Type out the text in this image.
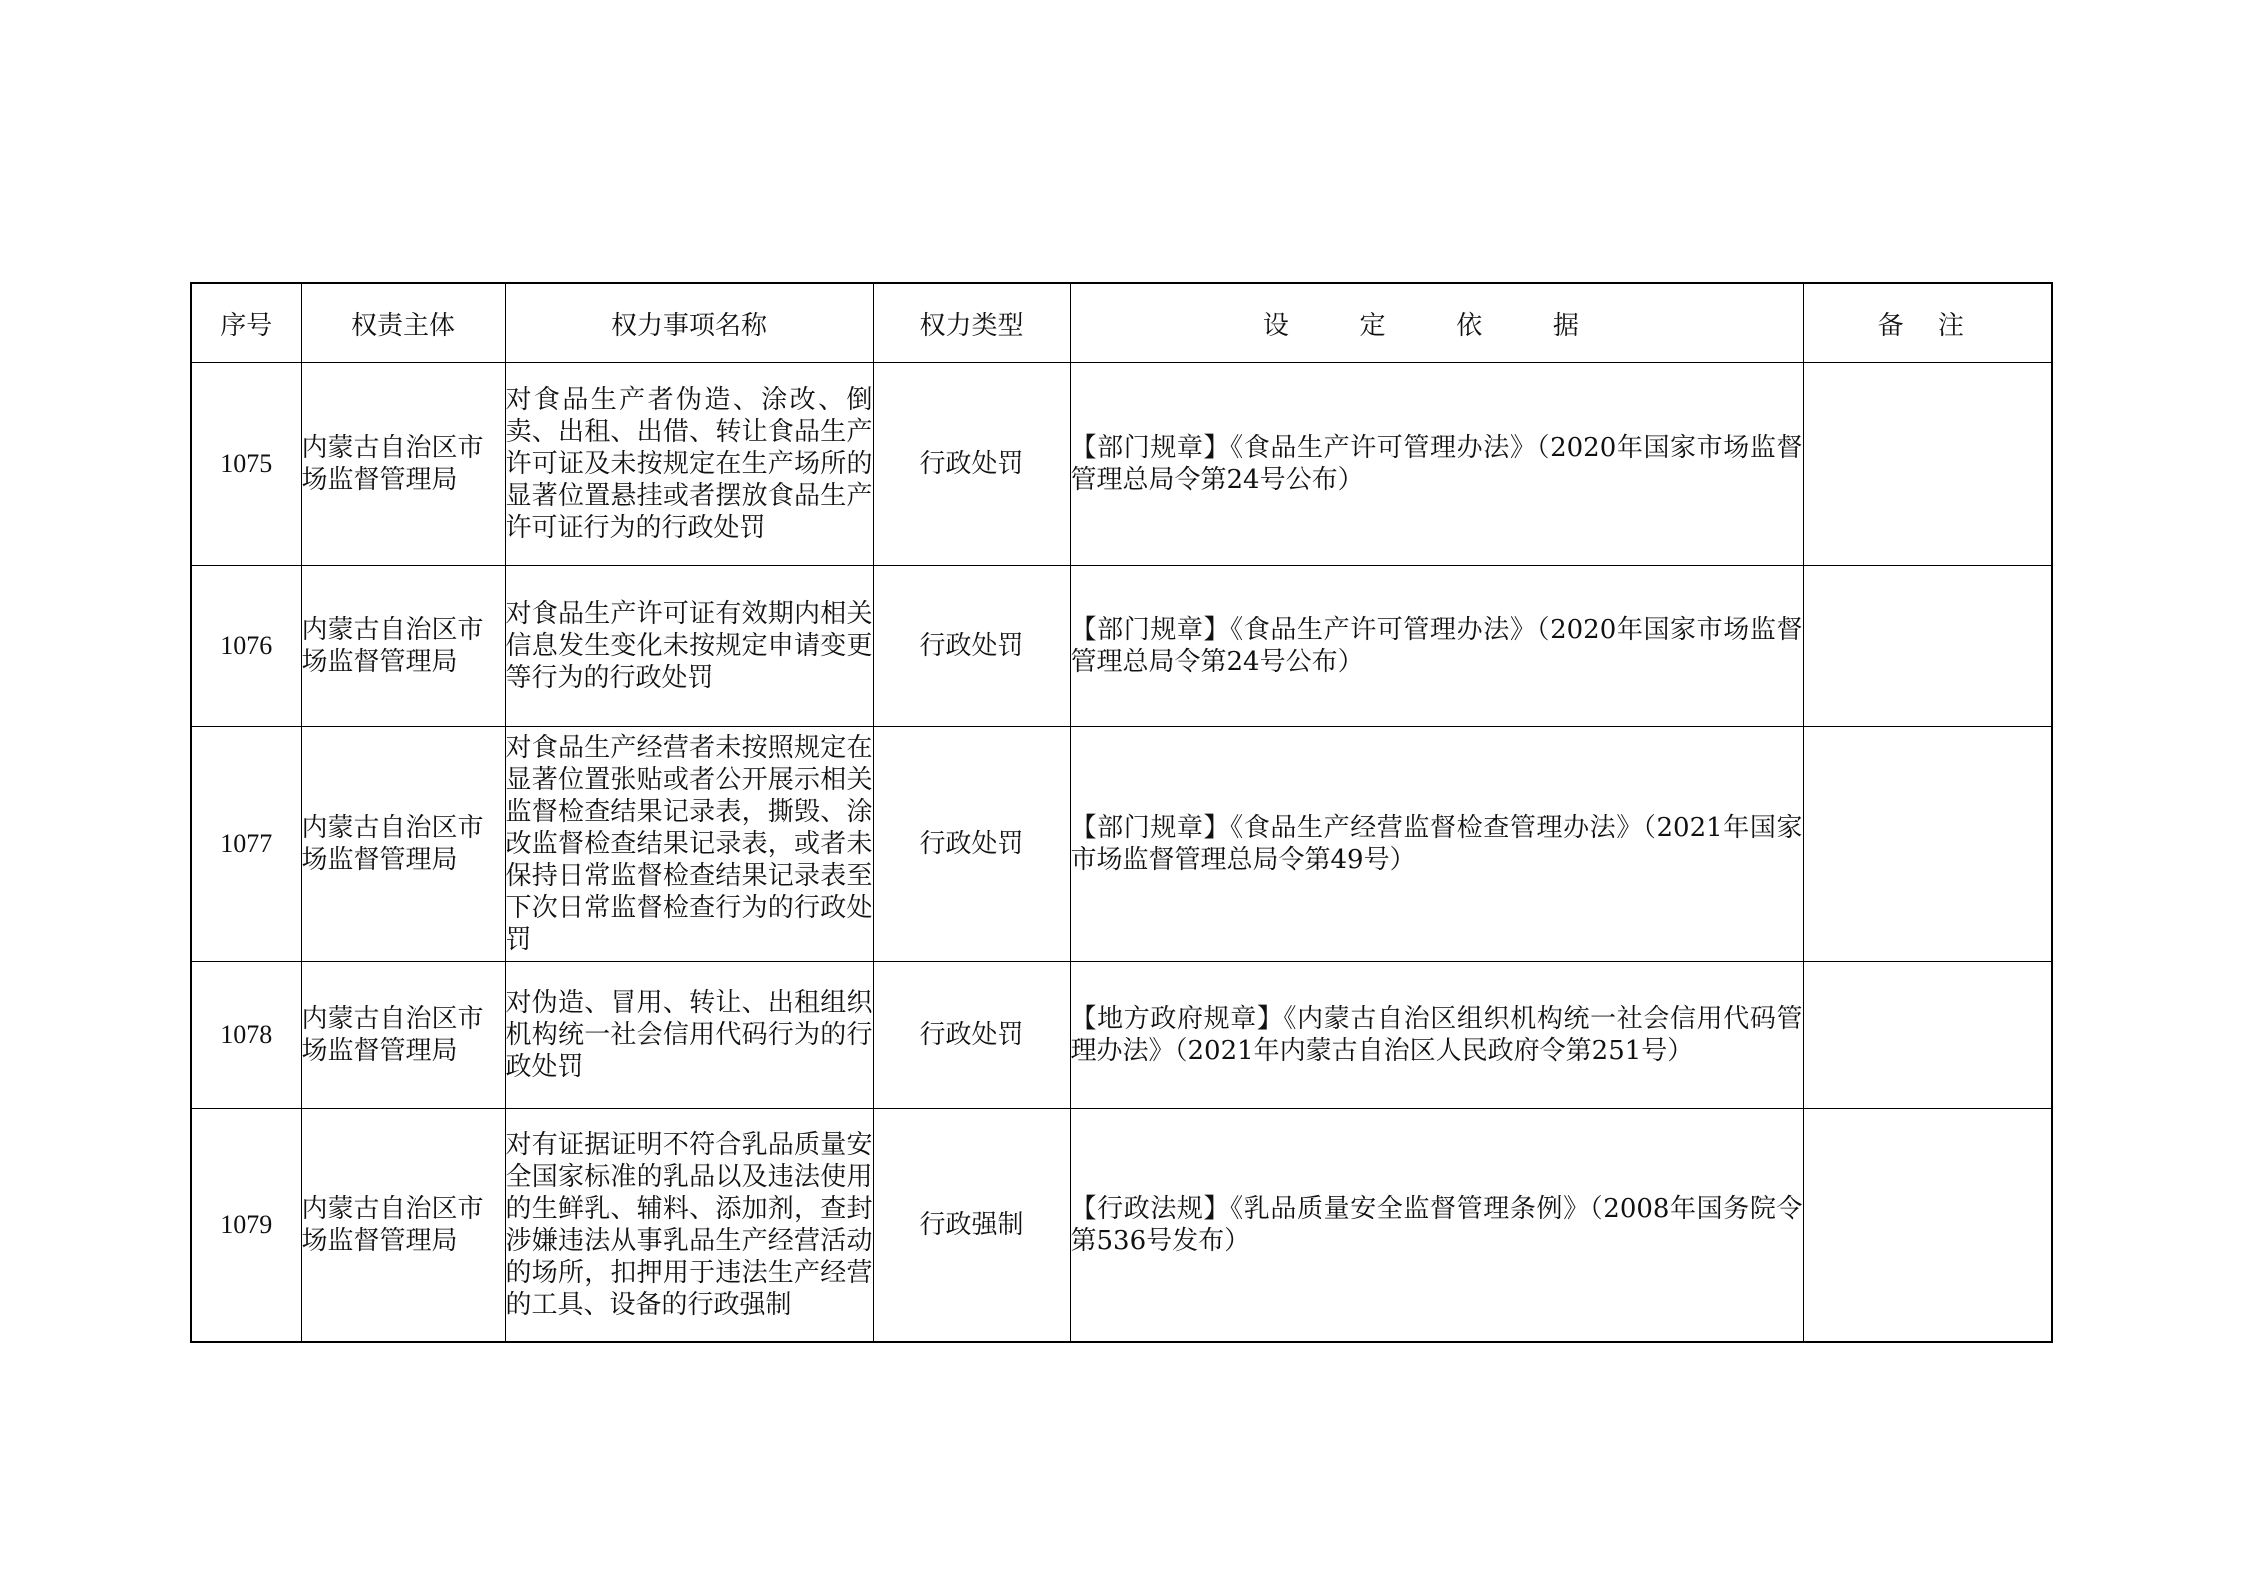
序号	权责主体	权力事项名称	权力类型	设 定 依 据	备 注
1075	内蒙古自治区市场监督管理局	对食品生产者伪造、涂改、倒卖、出租、出借、转让食品生产许可证及未按规定在生产场所的显著位置悬挂或者摆放食品生产许可证行为的行政处罚	行政处罚	【部门规章】《食品生产许可管理办法》（2020年国家市场监督管理总局令第24号公布）	
1076	内蒙古自治区市场监督管理局	对食品生产许可证有效期内相关信息发生变化未按规定申请变更等行为的行政处罚	行政处罚	【部门规章】《食品生产许可管理办法》（2020年国家市场监督管理总局令第24号公布）	
1077	内蒙古自治区市场监督管理局	对食品生产经营者未按照规定在显著位置张贴或者公开展示相关监督检查结果记录表，撕毁、涂改监督检查结果记录表，或者未保持日常监督检查结果记录表至下次日常监督检查行为的行政处罚	行政处罚	【部门规章】《食品生产经营监督检查管理办法》（2021年国家市场监督管理总局令第49号）	
1078	内蒙古自治区市场监督管理局	对伪造、冒用、转让、出租组织机构统一社会信用代码行为的行政处罚	行政处罚	【地方政府规章】《内蒙古自治区组织机构统一社会信用代码管理办法》（2021年内蒙古自治区人民政府令第251号）	
1079	内蒙古自治区市场监督管理局	对有证据证明不符合乳品质量安全国家标准的乳品以及违法使用的生鲜乳、辅料、添加剂，查封涉嫌违法从事乳品生产经营活动的场所，扣押用于违法生产经营的工具、设备的行政强制	行政强制	【行政法规】《乳品质量安全监督管理条例》（2008年国务院令第536号发布）	
